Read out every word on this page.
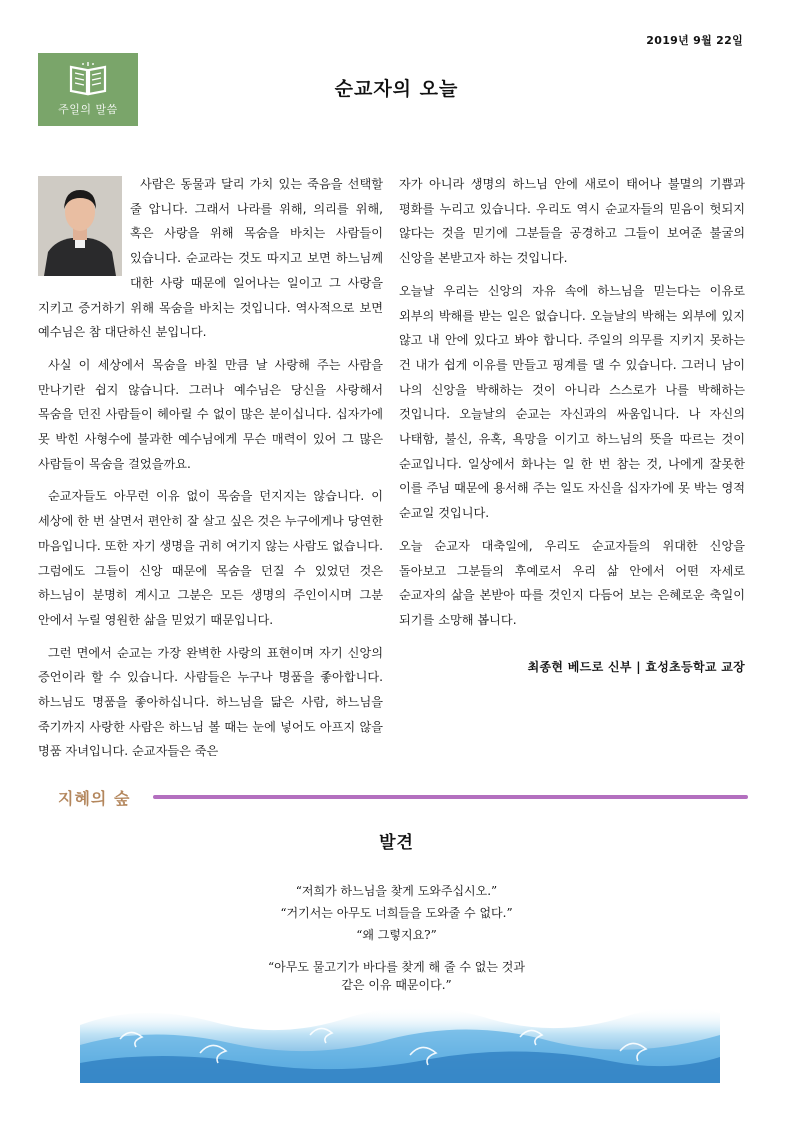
2019년 9월 22일
주일의 말씀
순교자의 오늘

사람은 동물과 달리 가치 있는 죽음을 선택할 줄 압니다. 그래서 나라를 위해, 의리를 위해, 혹은 사랑을 위해 목숨을 바치는 사람들이 있습니다. 순교라는 것도 따지고 보면 하느님께 대한 사랑 때문에 일어나는 일이고 그 사랑을 지키고 증거하기 위해 목숨을 바치는 것입니다. 역사적으로 보면 예수님은 참 대단하신 분입니다.

사실 이 세상에서 목숨을 바칠 만큼 날 사랑해 주는 사람을 만나기란 쉽지 않습니다. 그러나 예수님은 당신을 사랑해서 목숨을 던진 사람들이 헤아릴 수 없이 많은 분이십니다. 십자가에 못 박힌 사형수에 불과한 예수님에게 무슨 매력이 있어 그 많은 사람들이 목숨을 걸었을까요.

순교자들도 아무런 이유 없이 목숨을 던지지는 않습니다. 이 세상에 한 번 살면서 편안히 잘 살고 싶은 것은 누구에게나 당연한 마음입니다. 또한 자기 생명을 귀히 여기지 않는 사람도 없습니다. 그럼에도 그들이 신앙 때문에 목숨을 던질 수 있었던 것은 하느님이 분명히 계시고 그분은 모든 생명의 주인이시며 그분 안에서 누릴 영원한 삶을 믿었기 때문입니다.

그런 면에서 순교는 가장 완벽한 사랑의 표현이며 자기 신앙의 증언이라 할 수 있습니다. 사람들은 누구나 명품을 좋아합니다. 하느님도 명품을 좋아하십니다. 하느님을 닮은 사람, 하느님을 죽기까지 사랑한 사람은 하느님 볼 때는 눈에 넣어도 아프지 않을 명품 자녀입니다. 순교자들은 죽은

자가 아니라 생명의 하느님 안에 새로이 태어나 불멸의 기쁨과 평화를 누리고 있습니다. 우리도 역시 순교자들의 믿음이 헛되지 않다는 것을 믿기에 그분들을 공경하고 그들이 보여준 불굴의 신앙을 본받고자 하는 것입니다.

오늘날 우리는 신앙의 자유 속에 하느님을 믿는다는 이유로 외부의 박해를 받는 일은 없습니다. 오늘날의 박해는 외부에 있지 않고 내 안에 있다고 봐야 합니다. 주일의 의무를 지키지 못하는 건 내가 쉽게 이유를 만들고 핑계를 댈 수 있습니다. 그러니 남이 나의 신앙을 박해하는 것이 아니라 스스로가 나를 박해하는 것입니다. 오늘날의 순교는 자신과의 싸움입니다. 나 자신의 나태함, 불신, 유혹, 욕망을 이기고 하느님의 뜻을 따르는 것이 순교입니다. 일상에서 화나는 일 한 번 참는 것, 나에게 잘못한 이를 주님 때문에 용서해 주는 일도 자신을 십자가에 못 박는 영적 순교일 것입니다.

오늘 순교자 대축일에, 우리도 순교자들의 위대한 신앙을 돌아보고 그분들의 후예로서 우리 삶 안에서 어떤 자세로 순교자의 삶을 본받아 따를 것인지 다듬어 보는 은혜로운 축일이 되기를 소망해 봅니다.

최종현 베드로 신부 | 효성초등학교 교장
지혜의 숲
발견
“저희가 하느님을 찾게 도와주십시오.”
“거기서는 아무도 너희들을 도와줄 수 없다.”
“왜 그렇지요?”
“아무도 물고기가 바다를 찾게 해 줄 수 없는 것과
같은 이유 때문이다.”
